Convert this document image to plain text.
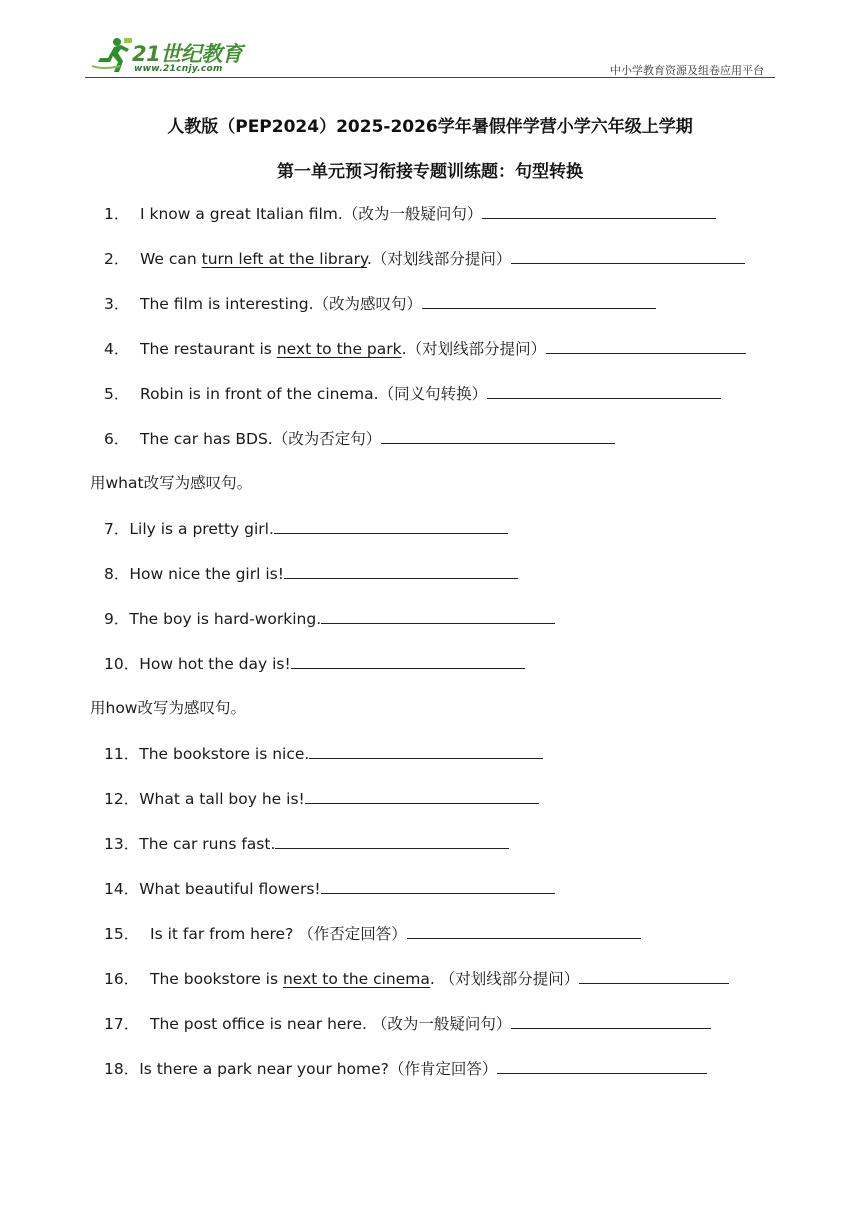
21世纪教育
www.21cnjy.com	中小学教育资源及组卷应用平台
人教版（PEP2024）2025-2026学年暑假伴学营小学六年级上学期
第一单元预习衔接专题训练题：句型转换
1． I know a great Italian film.（改为一般疑问句）
2． We can turn left at the library.（对划线部分提问）
3． The film is interesting.（改为感叹句）
4． The restaurant is next to the park.（对划线部分提问）
5． Robin is in front of the cinema.（同义句转换）
6． The car has BDS.（改为否定句）
用what改写为感叹句。
7．Lily is a pretty girl.
8．How nice the girl is!
9．The boy is hard-working.
10．How hot the day is!
用how改写为感叹句。
11．The bookstore is nice.
12．What a tall boy he is!
13．The car runs fast.
14．What beautiful flowers!
15． Is it far from here? （作否定回答）
16． The bookstore is next to the cinema. （对划线部分提问）
17． The post office is near here. （改为一般疑问句）
18．Is there a park near your home?（作肯定回答）
